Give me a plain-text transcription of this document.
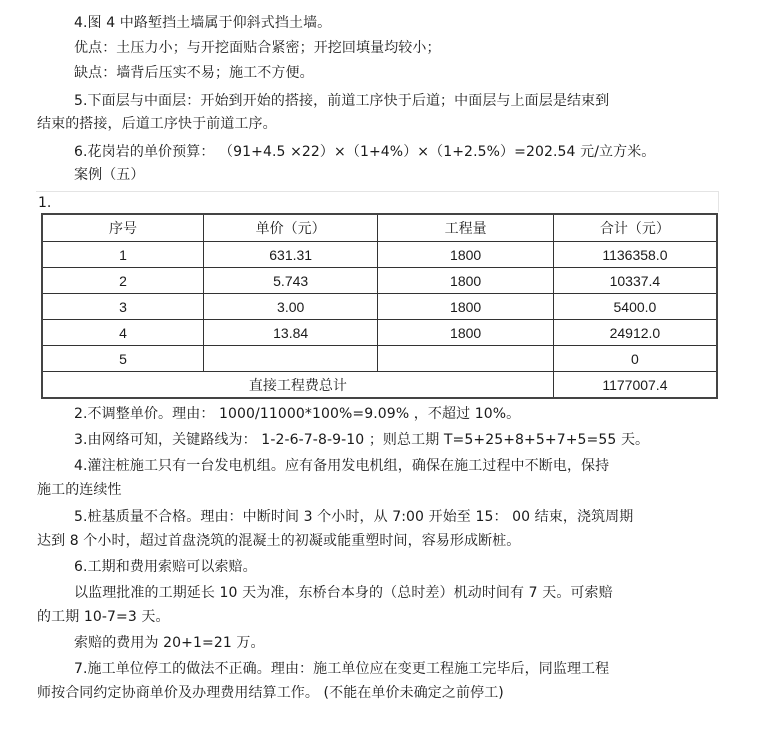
4.图 4 中路堑挡土墙属于仰斜式挡土墙。
优点：土压力小；与开挖面贴合紧密；开挖回填量均较小；
缺点：墙背后压实不易；施工不方便。
5.下面层与中面层：开始到开始的搭接，前道工序快于后道；中面层与上面层是结束到
结束的搭接，后道工序快于前道工序。
6.花岗岩的单价预算： （91+4.5 ×22）×（1+4%）×（1+2.5%）=202.54 元/立方米。
案例（五）
1.
序号	单价（元）	工程量	合计（元）
1	631.31	1800	1136358.0
2	5.743	1800	10337.4
3	3.00	1800	5400.0
4	13.84	1800	24912.0
5			0
直接工程费总计			1177007.4
2.不调整单价。理由： 1000/11000*100%=9.09% ，不超过 10%。
3.由网络可知，关键路线为： 1-2-6-7-8-9-10 ；则总工期 T=5+25+8+5+7+5=55 天。
4.灌注桩施工只有一台发电机组。应有备用发电机组，确保在施工过程中不断电，保持
施工的连续性
5.桩基质量不合格。理由：中断时间 3 个小时，从 7:00 开始至 15： 00 结束，浇筑周期
达到 8 个小时，超过首盘浇筑的混凝土的初凝或能重塑时间，容易形成断桩。
6.工期和费用索赔可以索赔。
以监理批准的工期延长 10 天为准，东桥台本身的（总时差）机动时间有 7 天。可索赔
的工期 10-7=3 天。
索赔的费用为 20+1=21 万。
7.施工单位停工的做法不正确。理由：施工单位应在变更工程施工完毕后，同监理工程
师按合同约定协商单价及办理费用结算工作。 (不能在单价未确定之前停工)
